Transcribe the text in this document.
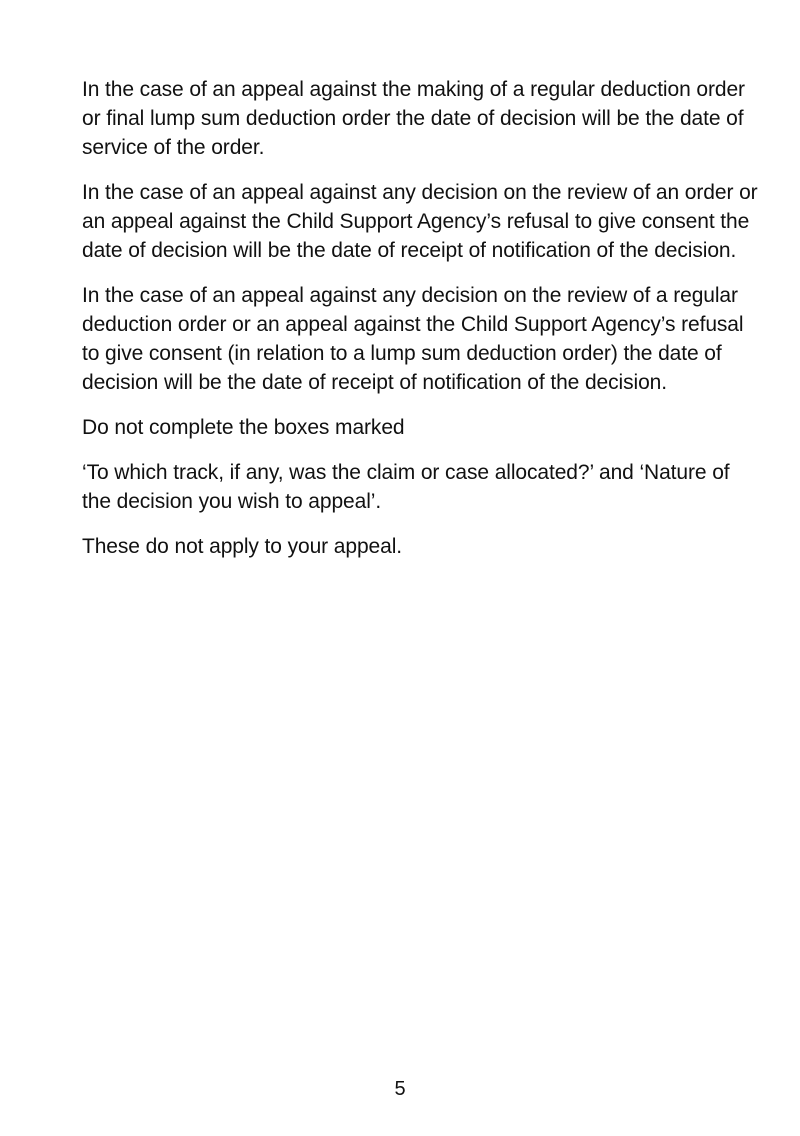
In the case of an appeal against the making of a regular deduction order or final lump sum deduction order the date of decision will be the date of service of the order.

In the case of an appeal against any decision on the review of an order or an appeal against the Child Support Agency’s refusal to give consent the date of decision will be the date of receipt of notification of the decision.

In the case of an appeal against any decision on the review of a regular deduction order or an appeal against the Child Support Agency’s refusal to give consent (in relation to a lump sum deduction order) the date of decision will be the date of receipt of notification of the decision.

Do not complete the boxes marked

‘To which track, if any, was the claim or case allocated?’ and ‘Nature of the decision you wish to appeal’.

These do not apply to your appeal.

5
